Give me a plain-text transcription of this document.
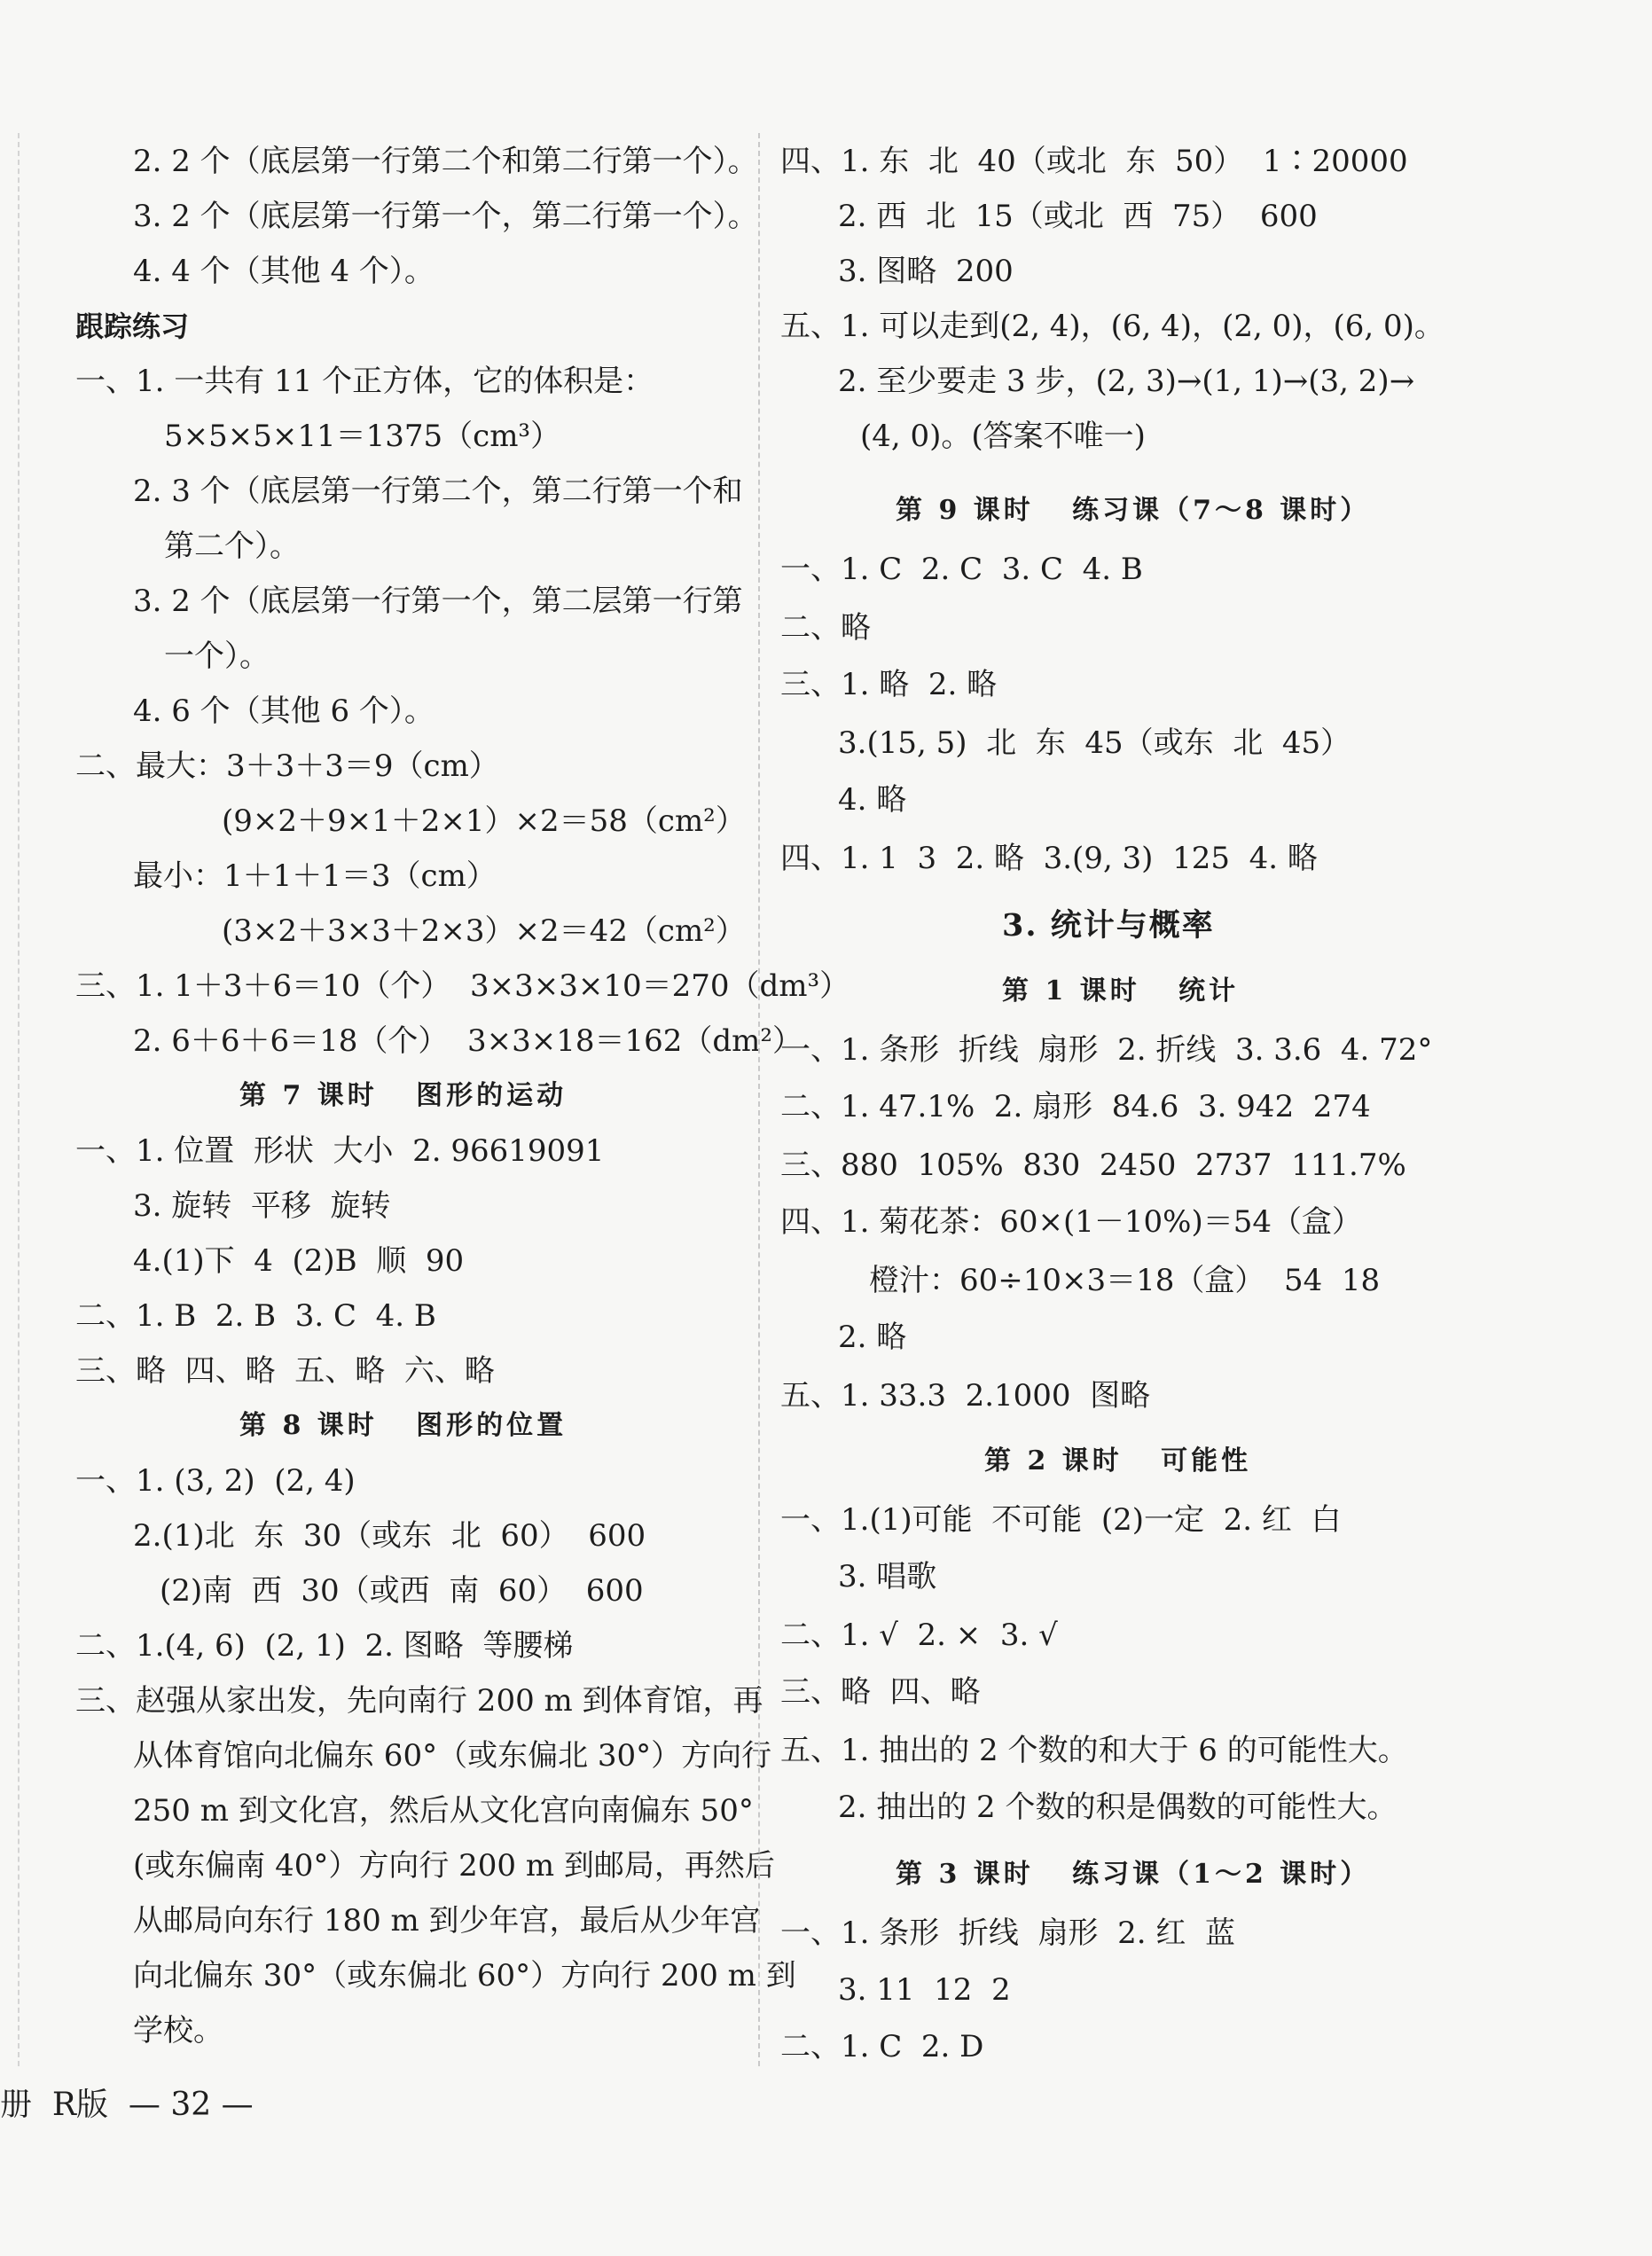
2. 2 个（底层第一行第二个和第二行第一个）。
3. 2 个（底层第一行第一个，第二行第一个）。
4. 4 个（其他 4 个）。
跟踪练习
一、1. 一共有 11 个正方体，它的体积是：
5×5×5×11＝1375（cm³）
2. 3 个（底层第一行第二个，第二行第一个和
第二个）。
3. 2 个（底层第一行第一个，第二层第一行第
一个）。
4. 6 个（其他 6 个）。
二、最大：3＋3＋3＝9（cm）
(9×2＋9×1＋2×1）×2＝58（cm²）
最小：1＋1＋1＝3（cm）
(3×2＋3×3＋2×3）×2＝42（cm²）
三、1. 1＋3＋6＝10（个）  3×3×3×10＝270（dm³）
2. 6＋6＋6＝18（个）  3×3×18＝162（dm²）
第 7 课时   图形的运动
一、1. 位置  形状  大小  2. 96619091
3. 旋转  平移  旋转
4.(1)下  4  (2)B  顺  90
二、1. B  2. B  3. C  4. B
三、略  四、略  五、略  六、略
第 8 课时   图形的位置
一、1. (3, 2)  (2, 4)
2.(1)北  东  30（或东  北  60）  600
(2)南  西  30（或西  南  60）  600
二、1.(4, 6)  (2, 1)  2. 图略  等腰梯
三、赵强从家出发，先向南行 200 m 到体育馆，再
从体育馆向北偏东 60°（或东偏北 30°）方向行
250 m 到文化宫，然后从文化宫向南偏东 50°
(或东偏南 40°）方向行 200 m 到邮局，再然后
从邮局向东行 180 m 到少年宫，最后从少年宫
向北偏东 30°（或东偏北 60°）方向行 200 m 到
学校。
四、1. 东  北  40（或北  东  50）  1∶20000
2. 西  北  15（或北  西  75）  600
3. 图略  200
五、1. 可以走到(2, 4)，(6, 4)，(2, 0)，(6, 0)。
2. 至少要走 3 步，(2, 3)→(1, 1)→(3, 2)→
(4, 0)。(答案不唯一)
第 9 课时   练习课（7～8 课时）
一、1. C  2. C  3. C  4. B
二、略
三、1. 略  2. 略
3.(15, 5)  北  东  45（或东  北  45）
4. 略
四、1. 1  3  2. 略  3.(9, 3)  125  4. 略
3. 统计与概率
第 1 课时   统计
一、1. 条形  折线  扇形  2. 折线  3. 3.6  4. 72°
二、1. 47.1%  2. 扇形  84.6  3. 942  274
三、880  105%  830  2450  2737  111.7%
四、1. 菊花茶：60×(1－10%)＝54（盒）
橙汁：60÷10×3＝18（盒）  54  18
2. 略
五、1. 33.3  2.1000  图略
第 2 课时   可能性
一、1.(1)可能  不可能  (2)一定  2. 红  白
3. 唱歌
二、1. √  2. ×  3. √
三、略  四、略
五、1. 抽出的 2 个数的和大于 6 的可能性大。
2. 抽出的 2 个数的积是偶数的可能性大。
第 3 课时   练习课（1～2 课时）
一、1. 条形  折线  扇形  2. 红  蓝
3. 11  12  2
二、1. C  2. D
册  R版  — 32 —
